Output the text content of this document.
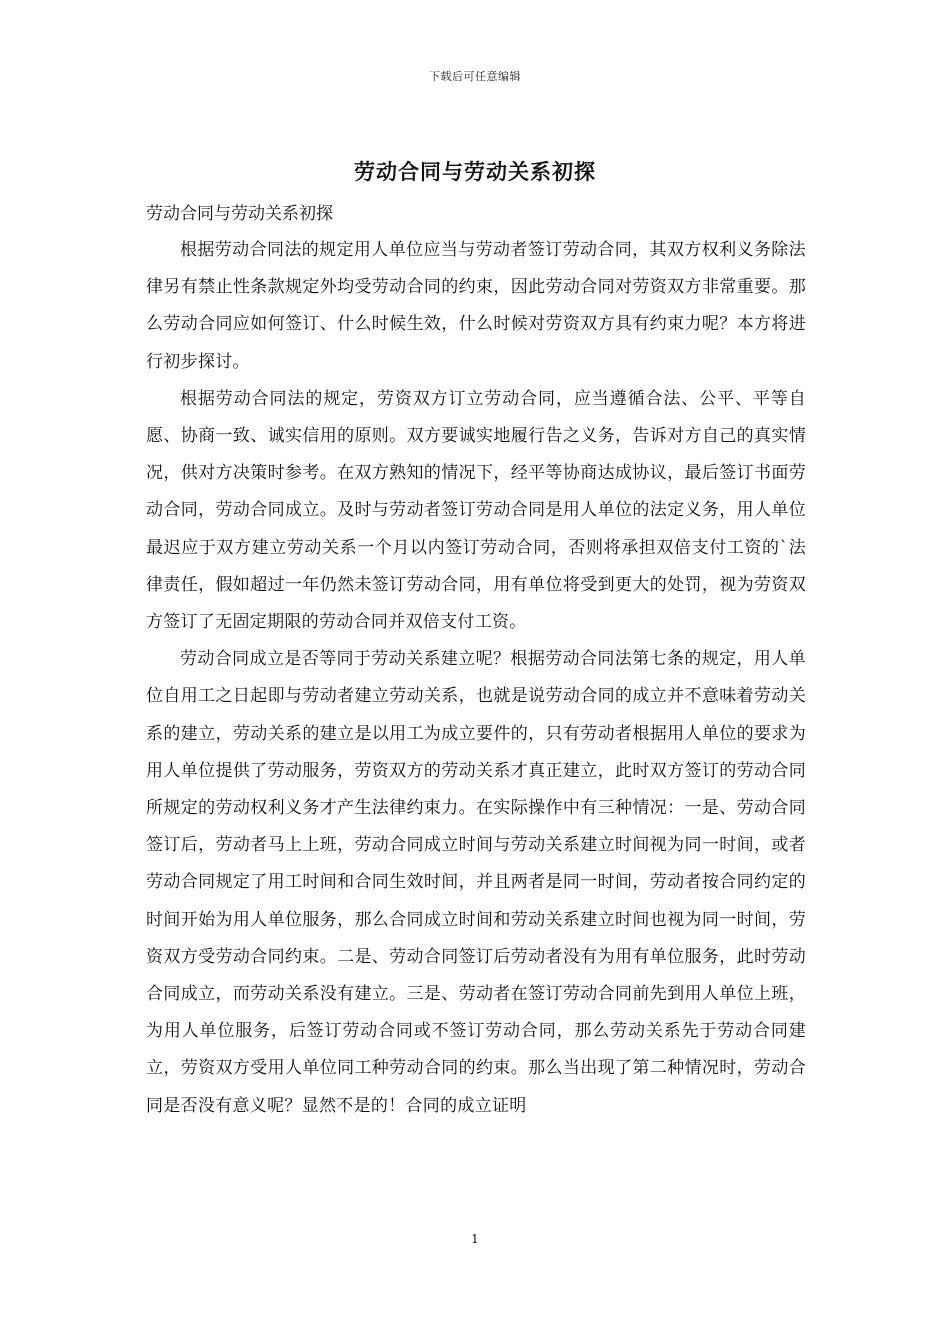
下载后可任意编辑
劳动合同与劳动关系初探

劳动合同与劳动关系初探

根据劳动合同法的规定用人单位应当与劳动者签订劳动合同，其双方权利义务除法律另有禁止性条款规定外均受劳动合同的约束，因此劳动合同对劳资双方非常重要。那么劳动合同应如何签订、什么时候生效，什么时候对劳资双方具有约束力呢？本方将进行初步探讨。

根据劳动合同法的规定，劳资双方订立劳动合同，应当遵循合法、公平、平等自愿、协商一致、诚实信用的原则。双方要诚实地履行告之义务，告诉对方自己的真实情况，供对方决策时参考。在双方熟知的情况下，经平等协商达成协议，最后签订书面劳动合同，劳动合同成立。及时与劳动者签订劳动合同是用人单位的法定义务，用人单位最迟应于双方建立劳动关系一个月以内签订劳动合同，否则将承担双倍支付工资的`法律责任，假如超过一年仍然未签订劳动合同，用有单位将受到更大的处罚，视为劳资双方签订了无固定期限的劳动合同并双倍支付工资。

劳动合同成立是否等同于劳动关系建立呢？根据劳动合同法第七条的规定，用人单位自用工之日起即与劳动者建立劳动关系，也就是说劳动合同的成立并不意味着劳动关系的建立，劳动关系的建立是以用工为成立要件的，只有劳动者根据用人单位的要求为用人单位提供了劳动服务，劳资双方的劳动关系才真正建立，此时双方签订的劳动合同所规定的劳动权利义务才产生法律约束力。在实际操作中有三种情况：一是、劳动合同签订后，劳动者马上上班，劳动合同成立时间与劳动关系建立时间视为同一时间，或者劳动合同规定了用工时间和合同生效时间，并且两者是同一时间，劳动者按合同约定的时间开始为用人单位服务，那么合同成立时间和劳动关系建立时间也视为同一时间，劳资双方受劳动合同约束。二是、劳动合同签订后劳动者没有为用有单位服务，此时劳动合同成立，而劳动关系没有建立。三是、劳动者在签订劳动合同前先到用人单位上班，为用人单位服务，后签订劳动合同或不签订劳动合同，那么劳动关系先于劳动合同建立，劳资双方受用人单位同工种劳动合同的约束。那么当出现了第二种情况时，劳动合同是否没有意义呢？显然不是的！合同的成立证明

1
